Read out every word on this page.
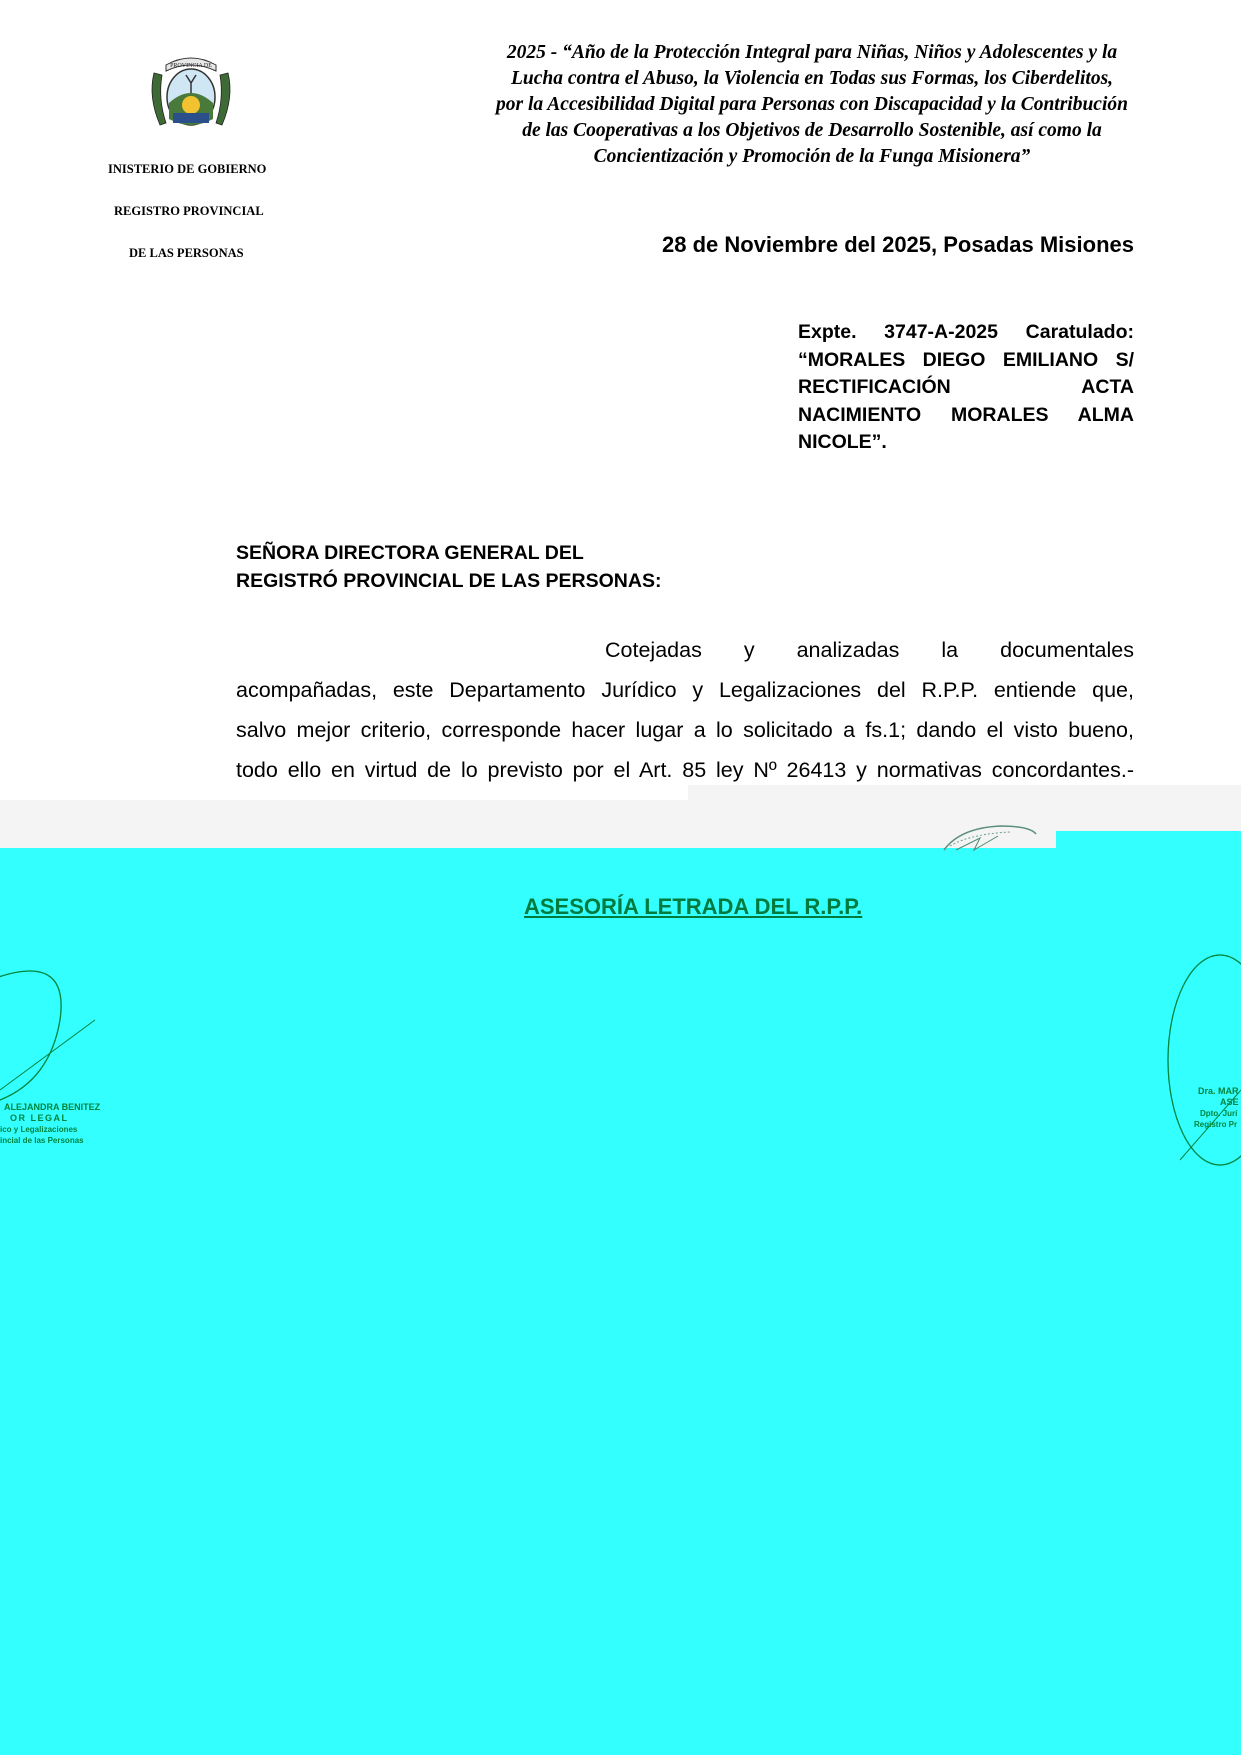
PROVINCIA DE

INISTERIO DE GOBIERNO

REGISTRO PROVINCIAL

DE LAS PERSONAS

2025 - “Año de la Protección Integral para Niñas, Niños y Adolescentes y la
Lucha contra el Abuso, la Violencia en Todas sus Formas, los Ciberdelitos,
por la Accesibilidad Digital para Personas con Discapacidad y la Contribución
de las Cooperativas a los Objetivos de Desarrollo Sostenible, así como la
Concientización y Promoción de la Funga Misionera”
28 de Noviembre del 2025, Posadas Misiones
Expte. 3747-A-2025 Caratulado:
“MORALES DIEGO EMILIANO S/
RECTIFICACIÓN ACTA
NACIMIENTO MORALES ALMA
NICOLE”.
SEÑORA DIRECTORA GENERAL DEL
REGISTRÓ PROVINCIAL DE LAS PERSONAS:
Cotejadas y analizadas la documentales
acompañadas, este Departamento Jurídico y Legalizaciones del R.P.P. entiende que,
salvo mejor criterio, corresponde hacer lugar a lo solicitado a fs.1; dando el visto bueno,
todo ello en virtud de lo previsto por el Art. 85 ley Nº 26413 y normativas concordantes.-
ASESORÍA LETRADA DEL R.P.P.
ALEJANDRA BENITEZ
OR LEGAL
ico y Legalizaciones
incial de las Personas
Dra. MAR
ASE
Dpto. Jurí
Registro Pr
